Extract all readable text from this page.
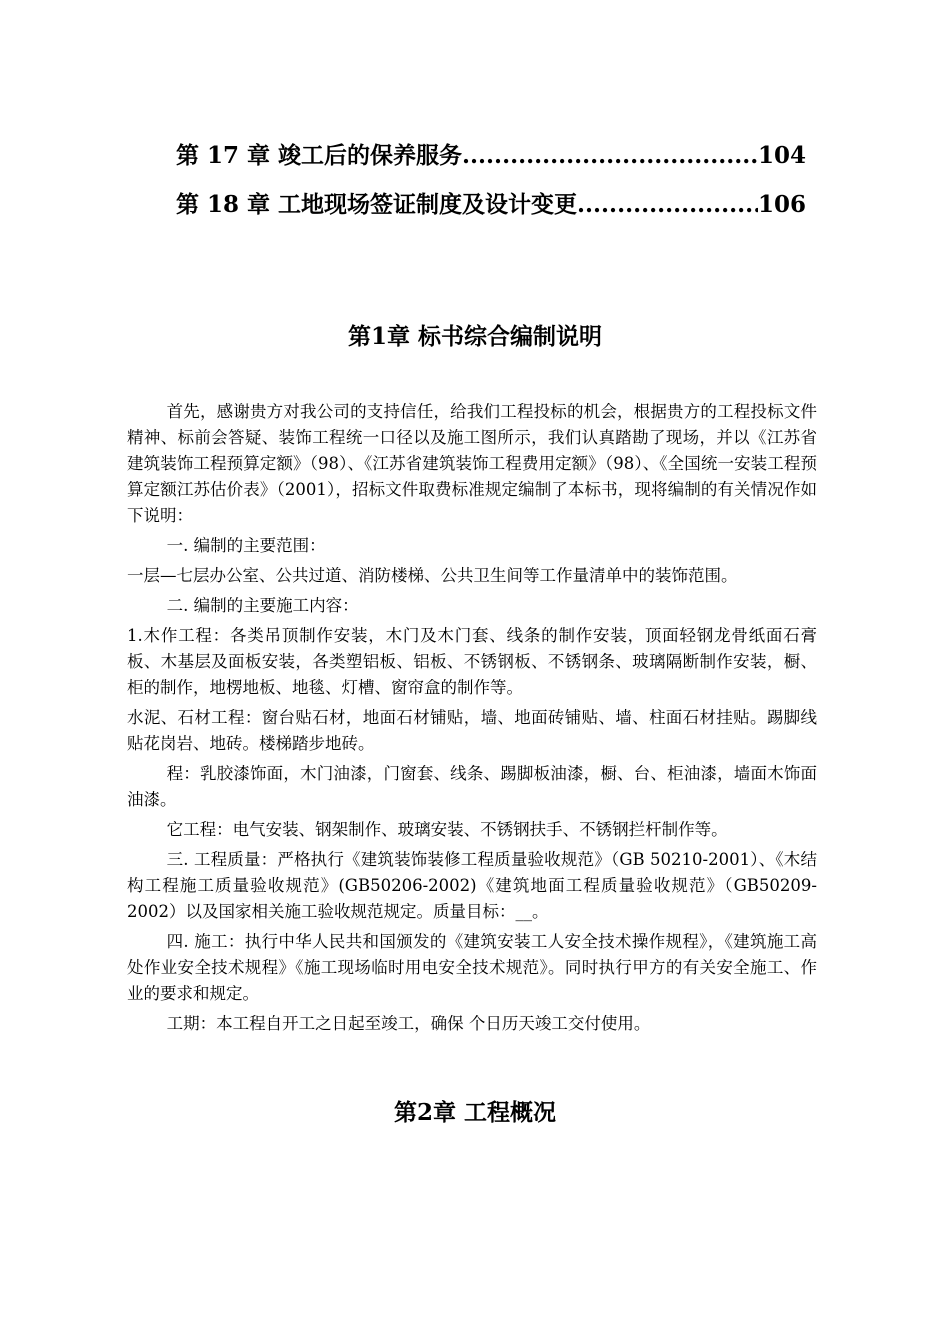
第 17 章 竣工后的保养服务 .....	104
第 18 章 工地现场签证制度及设计变更 .....	106
第1章 标书综合编制说明

首先，感谢贵方对我公司的支持信任，给我们工程投标的机会，根据贵方的工程投标文件精神、标前会答疑、装饰工程统一口径以及施工图所示，我们认真踏勘了现场，并以《江苏省建筑装饰工程预算定额》（98）、《江苏省建筑装饰工程费用定额》（98）、《全国统一安装工程预算定额江苏估价表》（2001），招标文件取费标准规定编制了本标书，现将编制的有关情况作如下说明：

一. 编制的主要范围：

一层—七层办公室、公共过道、消防楼梯、公共卫生间等工作量清单中的装饰范围。

二. 编制的主要施工内容：

1.木作工程：各类吊顶制作安装，木门及木门套、线条的制作安装，顶面轻钢龙骨纸面石膏板、木基层及面板安装，各类塑铝板、铝板、不锈钢板、不锈钢条、玻璃隔断制作安装，橱、柜的制作，地楞地板、地毯、灯槽、窗帘盒的制作等。

水泥、石材工程：窗台贴石材，地面石材铺贴，墙、地面砖铺贴、墙、柱面石材挂贴。踢脚线贴花岗岩、地砖。楼梯踏步地砖。

程：乳胶漆饰面，木门油漆，门窗套、线条、踢脚板油漆，橱、台、柜油漆，墙面木饰面油漆。

它工程：电气安装、钢架制作、玻璃安装、不锈钢扶手、不锈钢拦杆制作等。

三. 工程质量：严格执行《建筑装饰装修工程质量验收规范》（GB 50210-2001）、《木结构工程施工质量验收规范》(GB50206-2002)《建筑地面工程质量验收规范》（GB50209-2002）以及国家相关施工验收规范规定。质量目标：__。

四. 施工：执行中华人民共和国颁发的《建筑安装工人安全技术操作规程》，《建筑施工高处作业安全技术规程》《施工现场临时用电安全技术规范》。同时执行甲方的有关安全施工、作业的要求和规定。

工期：本工程自开工之日起至竣工，确保 个日历天竣工交付使用。

第2章 工程概况
